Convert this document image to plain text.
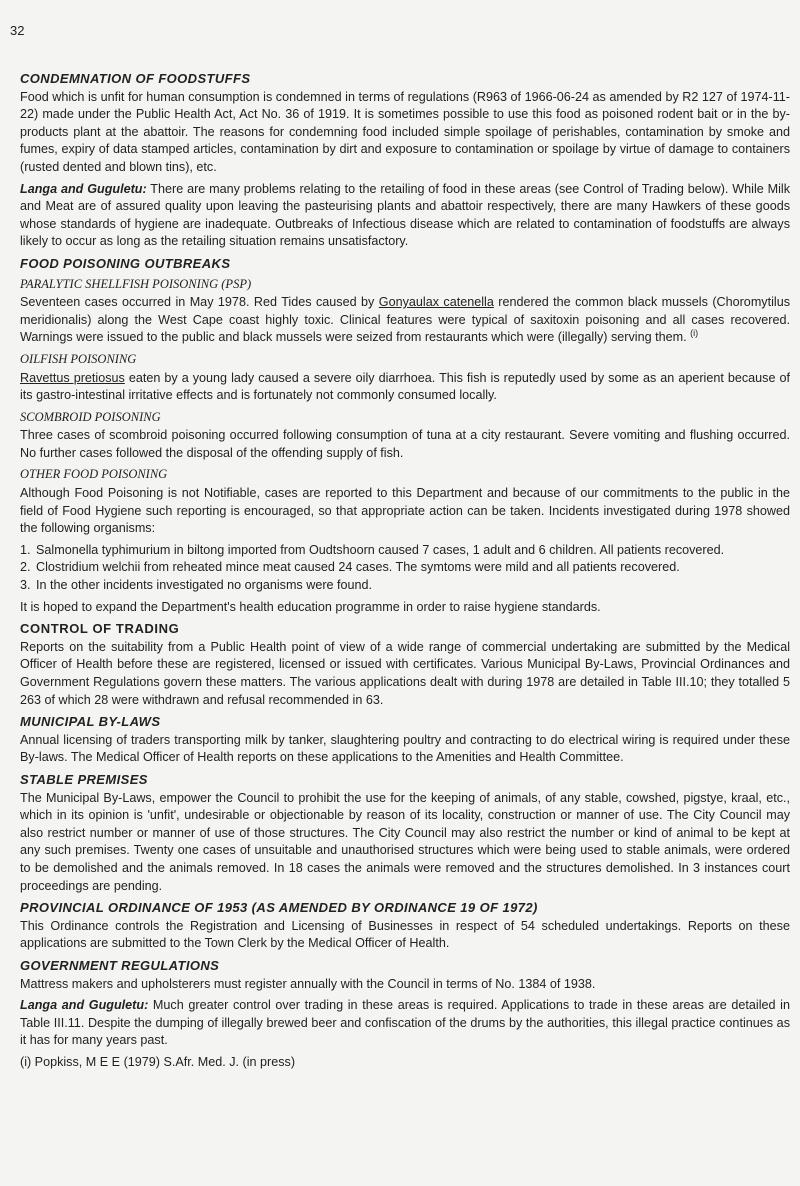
32
CONDEMNATION OF FOODSTUFFS

Food which is unfit for human consumption is condemned in terms of regulations (R963 of 1966-06-24 as amended by R2 127 of 1974-11-22) made under the Public Health Act, Act No. 36 of 1919. It is sometimes possible to use this food as poisoned rodent bait or in the by-products plant at the abattoir. The reasons for condemning food included simple spoilage of perishables, contamination by smoke and fumes, expiry of data stamped articles, contamination by dirt and exposure to contamination or spoilage by virtue of damage to containers (rusted dented and blown tins), etc.

Langa and Guguletu: There are many problems relating to the retailing of food in these areas (see Control of Trading below). While Milk and Meat are of assured quality upon leaving the pasteurising plants and abattoir respectively, there are many Hawkers of these goods whose standards of hygiene are inadequate. Outbreaks of Infectious disease which are related to contamination of foodstuffs are always likely to occur as long as the retailing situation remains unsatisfactory.

FOOD POISONING OUTBREAKS
PARALYTIC SHELLFISH POISONING (PSP)

Seventeen cases occurred in May 1978. Red Tides caused by Gonyaulax catenella rendered the common black mussels (Choromytilus meridionalis) along the West Cape coast highly toxic. Clinical features were typical of saxitoxin poisoning and all cases recovered. Warnings were issued to the public and black mussels were seized from restaurants which were (illegally) serving them. $^{(i)}$

OILFISH POISONING

Ravettus pretiosus eaten by a young lady caused a severe oily diarrhoea. This fish is reputedly used by some as an aperient because of its gastro-intestinal irritative effects and is fortunately not commonly consumed locally.

SCOMBROID POISONING

Three cases of scombroid poisoning occurred following consumption of tuna at a city restaurant. Severe vomiting and flushing occurred. No further cases followed the disposal of the offending supply of fish.

OTHER FOOD POISONING

Although Food Poisoning is not Notifiable, cases are reported to this Department and because of our commitments to the public in the field of Food Hygiene such reporting is encouraged, so that appropriate action can be taken. Incidents investigated during 1978 showed the following organisms:

1. Salmonella typhimurium in biltong imported from Oudtshoorn caused 7 cases, 1 adult and 6 children. All patients recovered.
2. Clostridium welchii from reheated mince meat caused 24 cases. The symtoms were mild and all patients recovered.
3. In the other incidents investigated no organisms were found.

It is hoped to expand the Department's health education programme in order to raise hygiene standards.

CONTROL OF TRADING

Reports on the suitability from a Public Health point of view of a wide range of commercial undertaking are submitted by the Medical Officer of Health before these are registered, licensed or issued with certificates. Various Municipal By-Laws, Provincial Ordinances and Government Regulations govern these matters. The various applications dealt with during 1978 are detailed in Table III.10; they totalled 5 263 of which 28 were withdrawn and refusal recommended in 63.

MUNICIPAL BY-LAWS

Annual licensing of traders transporting milk by tanker, slaughtering poultry and contracting to do electrical wiring is required under these By-laws. The Medical Officer of Health reports on these applications to the Amenities and Health Committee.

STABLE PREMISES

The Municipal By-Laws, empower the Council to prohibit the use for the keeping of animals, of any stable, cowshed, pigstye, kraal, etc., which in its opinion is 'unfit', undesirable or objectionable by reason of its locality, construction or manner of use. The City Council may also restrict number or manner of use of those structures. The City Council may also restrict the number or kind of animal to be kept at any such premises. Twenty one cases of unsuitable and unauthorised structures which were being used to stable animals, were ordered to be demolished and the animals removed. In 18 cases the animals were removed and the structures demolished. In 3 instances court proceedings are pending.

PROVINCIAL ORDINANCE OF 1953 (AS AMENDED BY ORDINANCE 19 OF 1972)

This Ordinance controls the Registration and Licensing of Businesses in respect of 54 scheduled undertakings. Reports on these applications are submitted to the Town Clerk by the Medical Officer of Health.

GOVERNMENT REGULATIONS

Mattress makers and upholsterers must register annually with the Council in terms of No. 1384 of 1938.

Langa and Guguletu: Much greater control over trading in these areas is required. Applications to trade in these areas are detailed in Table III.11. Despite the dumping of illegally brewed beer and confiscation of the drums by the authorities, this illegal practice continues as it has for many years past.

(i) Popkiss, M E E (1979) S.Afr. Med. J. (in press)
